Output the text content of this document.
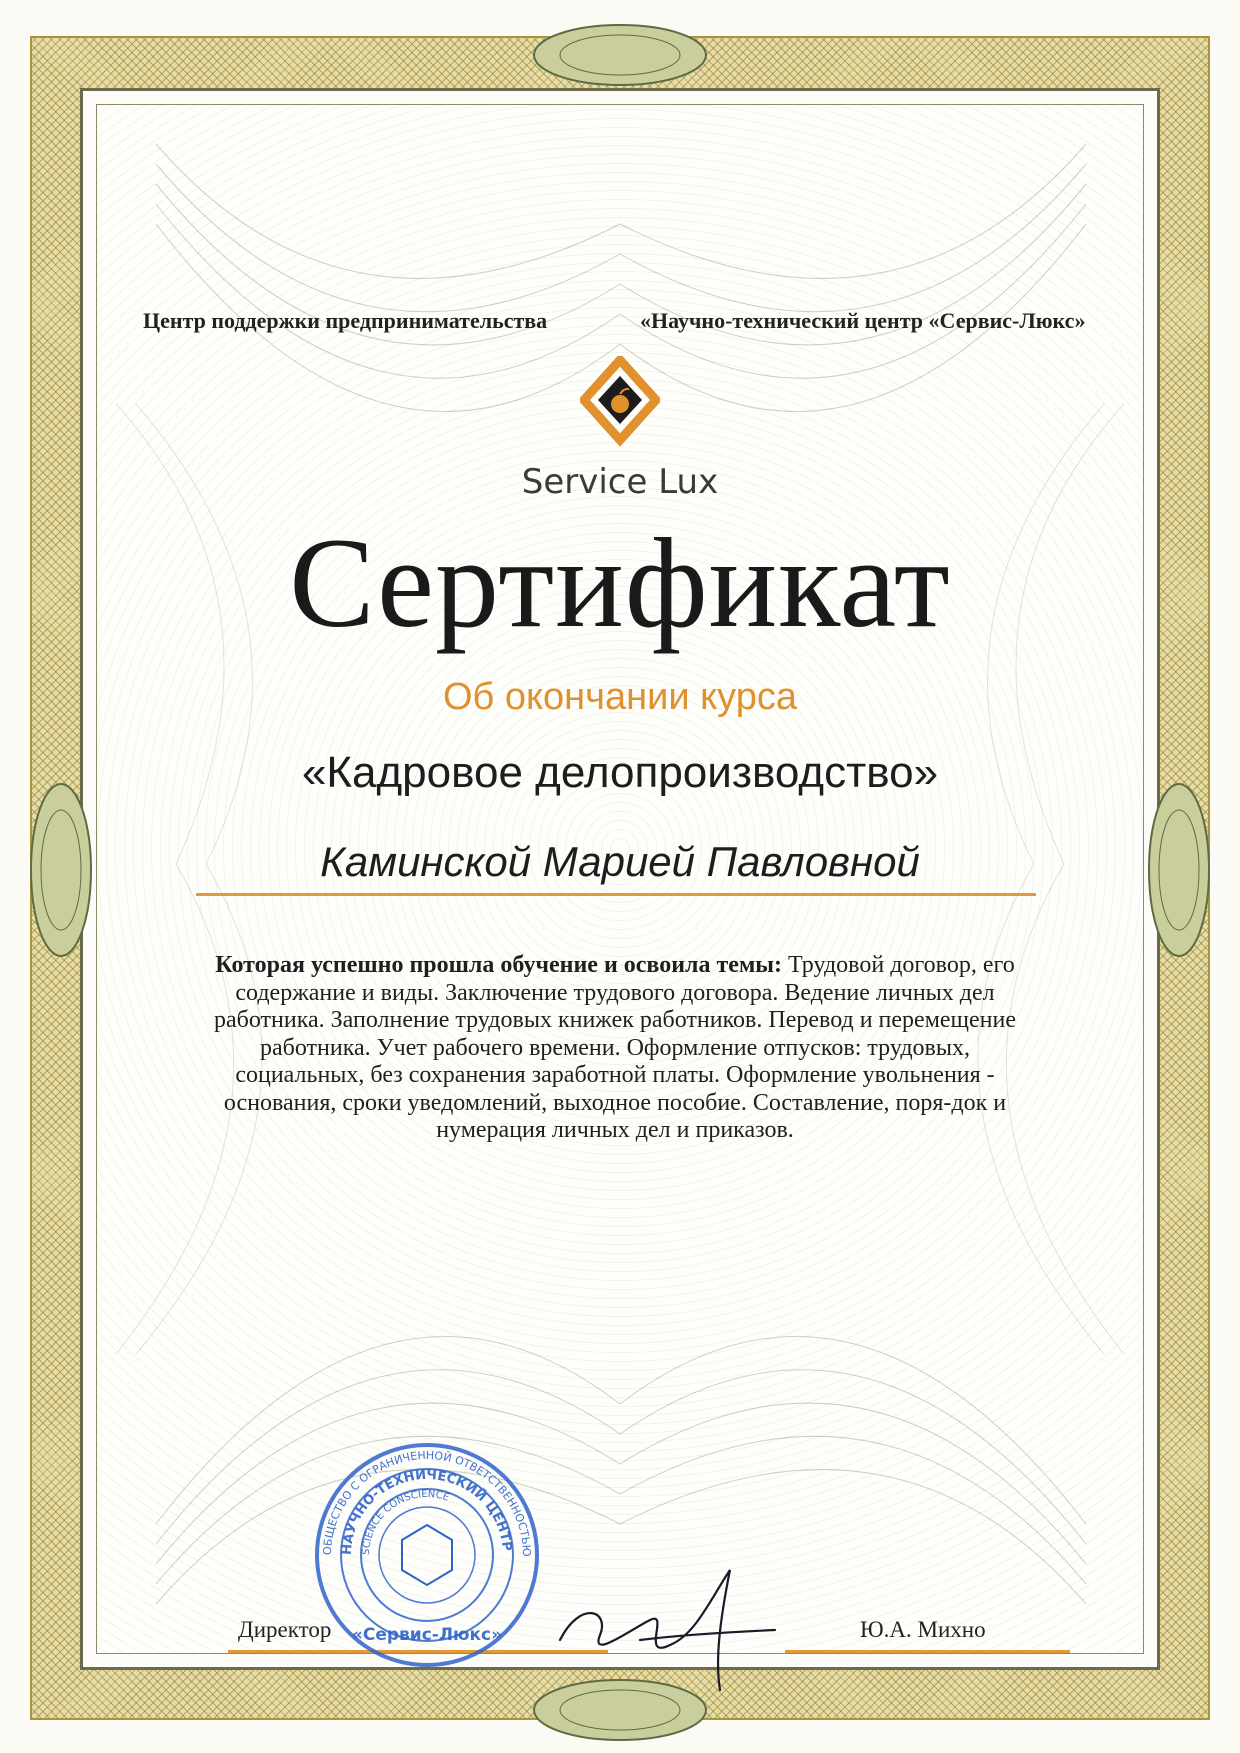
Центр поддержки предпринимательства	«Научно-технический центр «Сервис-Люкс»
Service Lux
Сертификат
Об окончании курса
«Кадровое делопроизводство»
Каминской Марией Павловной
Которая успешно прошла обучение и освоила темы: Трудовой договор, его содержание и виды. Заключение трудового договора. Ведение личных дел работника. Заполнение трудовых книжек работников. Перевод и перемещение работника. Учет рабочего времени. Оформление отпусков: трудовых, социальных, без сохранения заработной платы. Оформление увольнения - основания, сроки уведомлений, выходное пособие. Составление, поря-док и нумерация личных дел и приказов.
Директор	Ю.А. Михно
ОБЩЕСТВО С ОГРАНИЧЕННОЙ ОТВЕТСТВЕННОСТЬЮ
НАУЧНО-ТЕХНИЧЕСКИЙ ЦЕНТР
SCIENCE CONSCIENCE
«Сервис-Люкс»
